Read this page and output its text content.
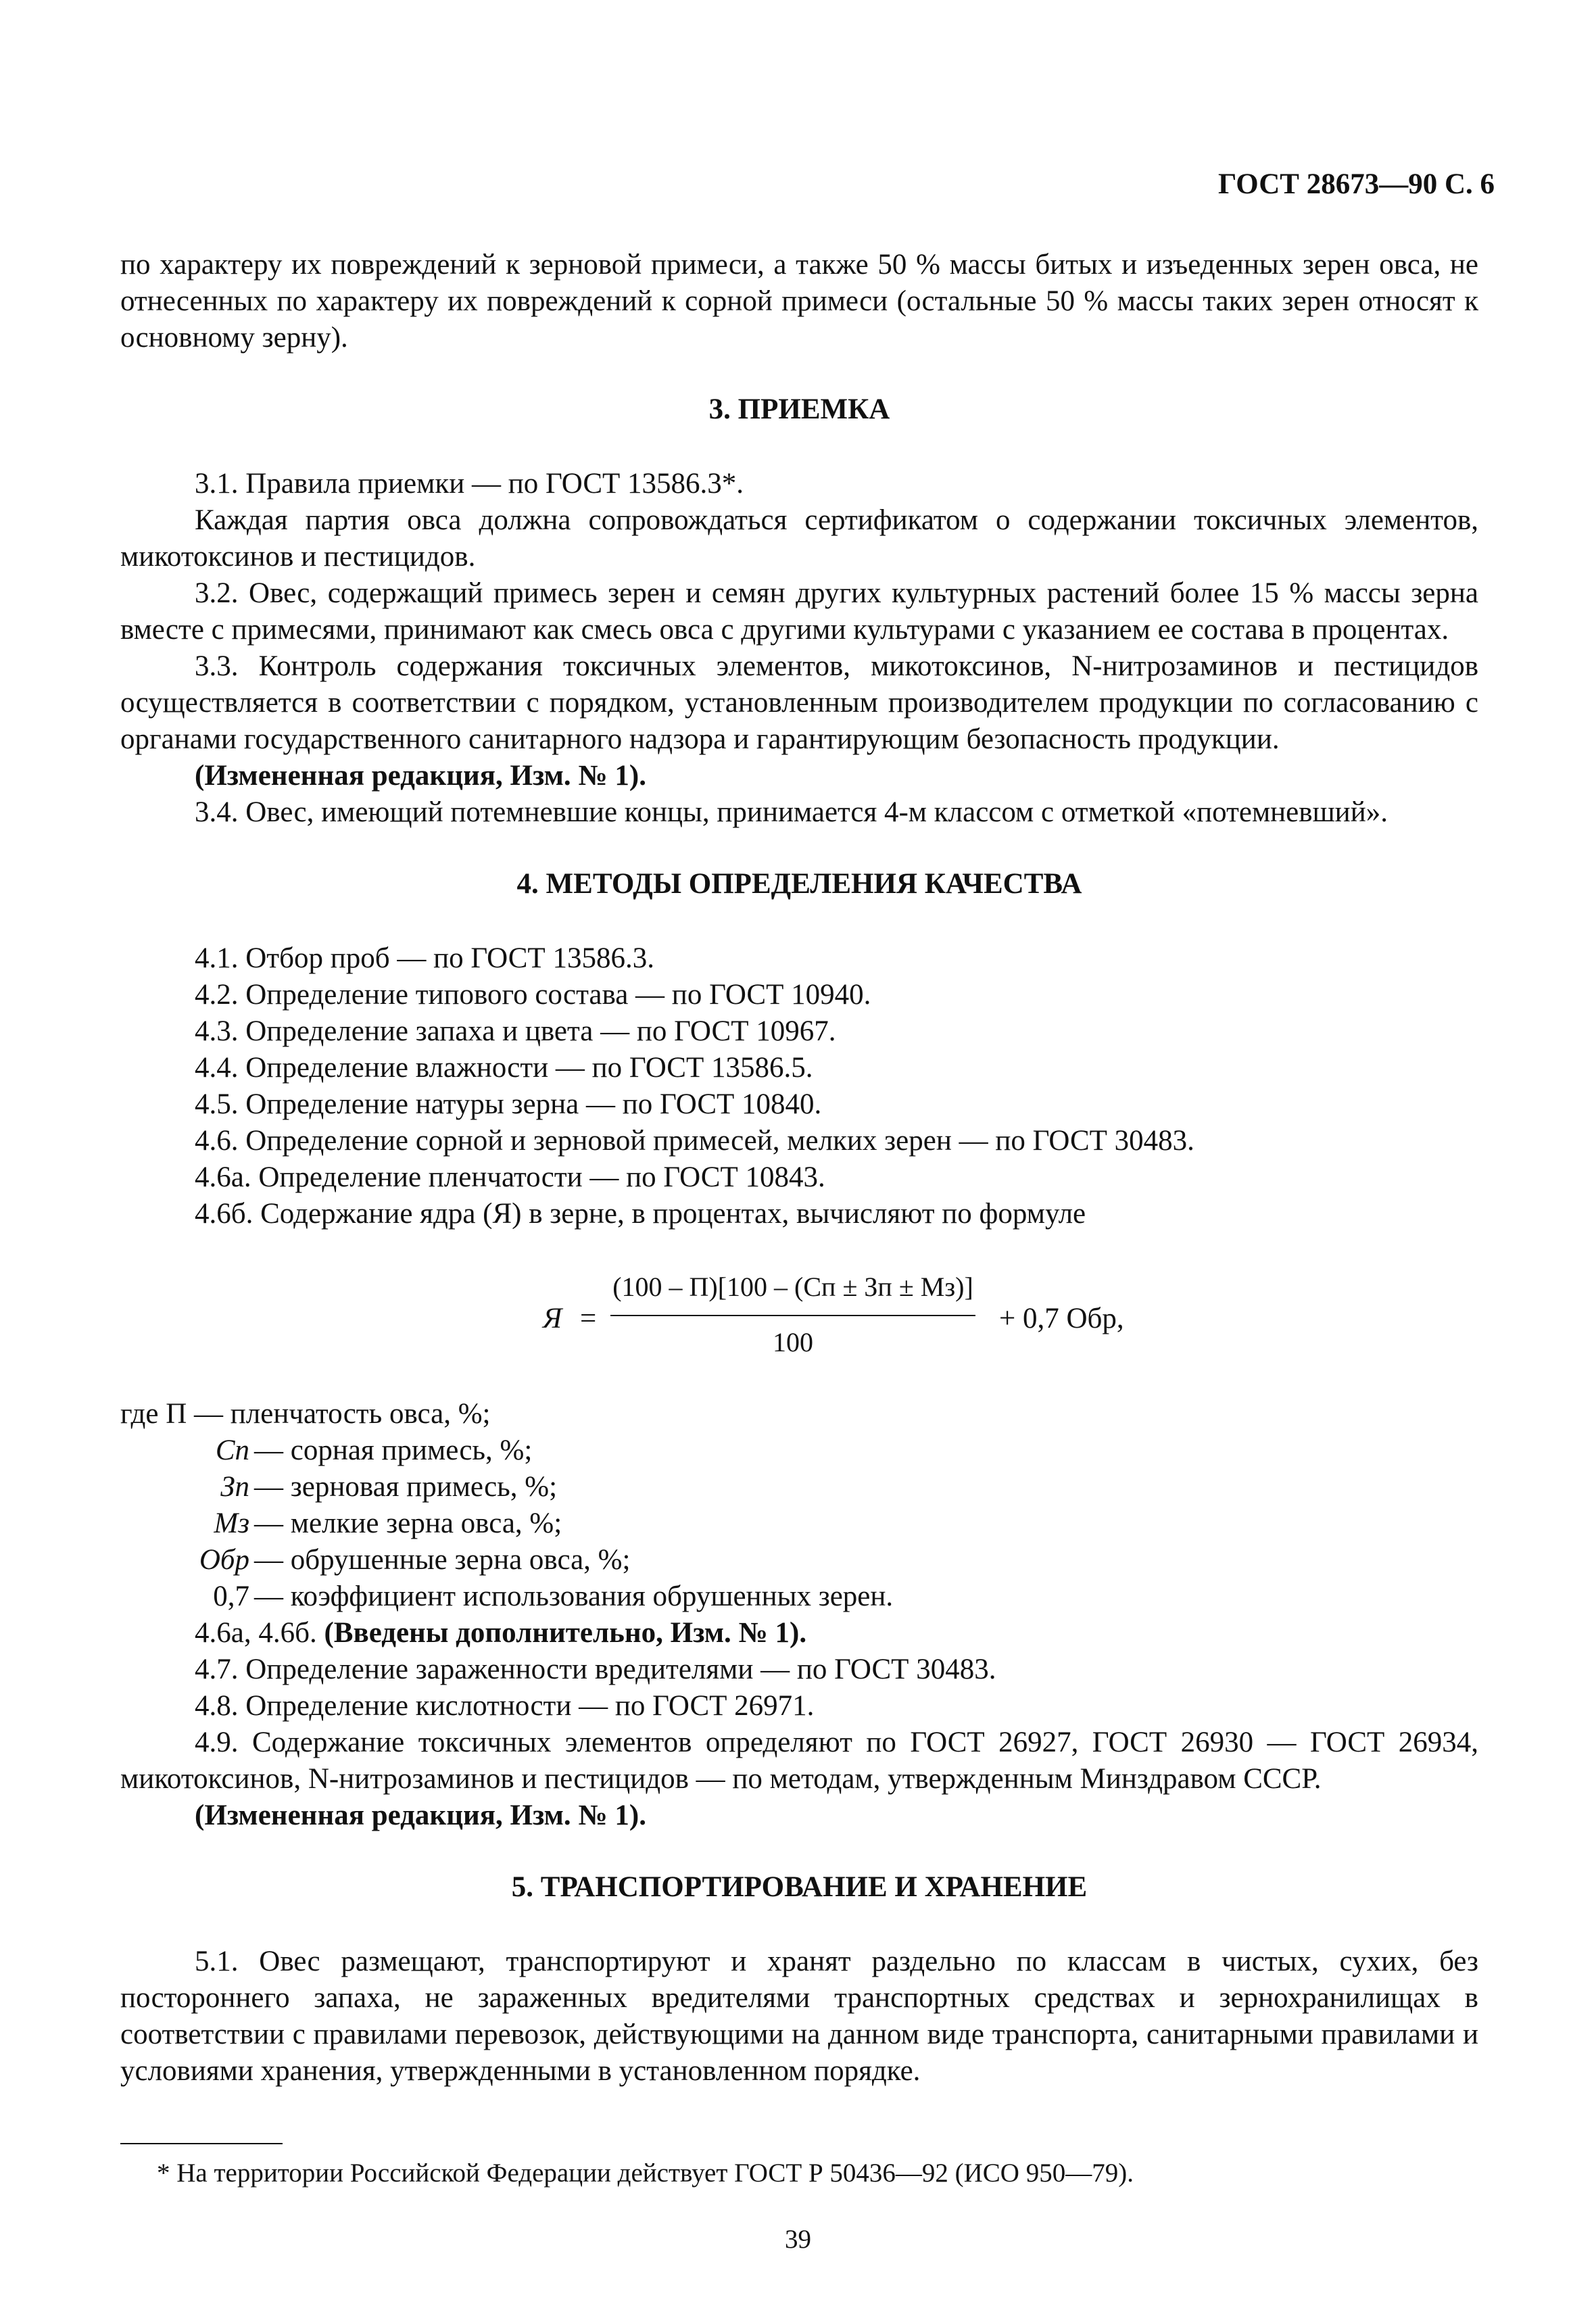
ГОСТ 28673—90 С. 6

по характеру их повреждений к зерновой примеси, а также 50 % массы битых и изъеденных зерен овса, не отнесенных по характеру их повреждений к сорной примеси (остальные 50 % массы таких зерен относят к основному зерну).

3. ПРИЕМКА

3.1. Правила приемки — по ГОСТ 13586.3*.

Каждая партия овса должна сопровождаться сертификатом о содержании токсичных элементов, микотоксинов и пестицидов.

3.2. Овес, содержащий примесь зерен и семян других культурных растений более 15 % массы зерна вместе с примесями, принимают как смесь овса с другими культурами с указанием ее состава в процентах.

3.3. Контроль содержания токсичных элементов, микотоксинов, N-нитрозаминов и пестицидов осуществляется в соответствии с порядком, установленным производителем продукции по согласованию с органами государственного санитарного надзора и гарантирующим безопасность продукции.

(Измененная редакция, Изм. № 1).

3.4. Овес, имеющий потемневшие концы, принимается 4-м классом с отметкой «потемневший».

4. МЕТОДЫ ОПРЕДЕЛЕНИЯ КАЧЕСТВА

4.1. Отбор проб — по ГОСТ 13586.3.

4.2. Определение типового состава — по ГОСТ 10940.

4.3. Определение запаха и цвета — по ГОСТ 10967.

4.4. Определение влажности — по ГОСТ 13586.5.

4.5. Определение натуры зерна — по ГОСТ 10840.

4.6. Определение сорной и зерновой примесей, мелких зерен — по ГОСТ 30483.

4.6а. Определение пленчатости — по ГОСТ 10843.

4.6б. Содержание ядра (Я) в зерне, в процентах, вычисляют по формуле

Я =
(100 – П)[100 – (Сп ± Зп ± Мз)]
100
+ 0,7 Обр,

где П — пленчатость овса, %;

Сп — сорная примесь, %;
Зп — зерновая примесь, %;
Мз — мелкие зерна овса, %;
Обр — обрушенные зерна овса, %;
0,7 — коэффициент использования обрушенных зерен.

4.6а, 4.6б. (Введены дополнительно, Изм. № 1).

4.7. Определение зараженности вредителями — по ГОСТ 30483.

4.8. Определение кислотности — по ГОСТ 26971.

4.9. Содержание токсичных элементов определяют по ГОСТ 26927, ГОСТ 26930 — ГОСТ 26934, микотоксинов, N-нитрозаминов и пестицидов — по методам, утвержденным Минздравом СССР.

(Измененная редакция, Изм. № 1).

5. ТРАНСПОРТИРОВАНИЕ И ХРАНЕНИЕ

5.1. Овес размещают, транспортируют и хранят раздельно по классам в чистых, сухих, без постороннего запаха, не зараженных вредителями транспортных средствах и зернохранилищах в соответствии с правилами перевозок, действующими на данном виде транспорта, санитарными правилами и условиями хранения, утвержденными в установленном порядке.

* На территории Российской Федерации действует ГОСТ Р 50436—92 (ИСО 950—79).
39
